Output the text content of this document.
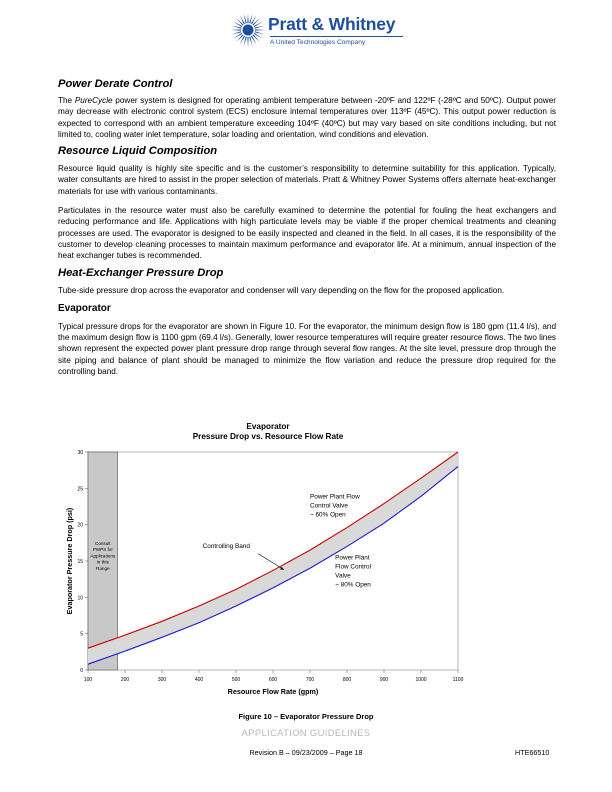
Pratt & Whitney
A United Technologies Company
Power Derate Control

The PureCycle power system is designed for operating ambient temperature between -20ºF and 122ºF (-28ºC and 50ºC). Output power may decrease with electronic control system (ECS) enclosure internal temperatures over 113ºF (45ºC). This output power reduction is expected to correspond with an ambient temperature exceeding 104ºF (40ºC) but may vary based on site conditions including, but not limited to, cooling water inlet temperature, solar loading and orientation, wind conditions and elevation.

Resource Liquid Composition

Resource liquid quality is highly site specific and is the customer’s responsibility to determine suitability for this application. Typically, water consultants are hired to assist in the proper selection of materials. Pratt & Whitney Power Systems offers alternate heat-exchanger materials for use with various contaminants.

Particulates in the resource water must also be carefully examined to determine the potential for fouling the heat exchangers and reducing performance and life. Applications with high particulate levels may be viable if the proper chemical treatments and cleaning processes are used. The evaporator is designed to be easily inspected and cleaned in the field. In all cases, it is the responsibility of the customer to develop cleaning processes to maintain maximum performance and evaporator life. At a minimum, annual inspection of the heat exchanger tubes is recommended.

Heat-Exchanger Pressure Drop

Tube-side pressure drop across the evaporator and condenser will vary depending on the flow for the proposed application.

Evaporator

Typical pressure drops for the evaporator are shown in Figure 10. For the evaporator, the minimum design flow is 180 gpm (11.4 l/s), and the maximum design flow is 1100 gpm (69.4 l/s). Generally, lower resource temperatures will require greater resource flows. The two lines shown represent the expected power plant pressure drop range through several flow ranges. At the site level, pressure drop through the site piping and balance of plant should be managed to minimize the flow variation and reduce the pressure drop required for the controlling band.

Evaporator
Pressure Drop vs. Resource Flow Rate
100	200	300	400	500	600	700	800	900	1000	1100
0
5
10
15
20
25
30
Resource Flow Rate (gpm)
Evaporator Pressure Drop (psi)	Consult
PWPS for
Applications
in this
Range
Power Plant Flow
Control Valve
~ 60% Open
Power Plant
Flow Control
Valve
~ 80% Open
Controlling Band
Figure 10 – Evaporator Pressure Drop
APPLICATION GUIDELINES
Revision B – 09/23/2009 – Page 18	HTE66510
